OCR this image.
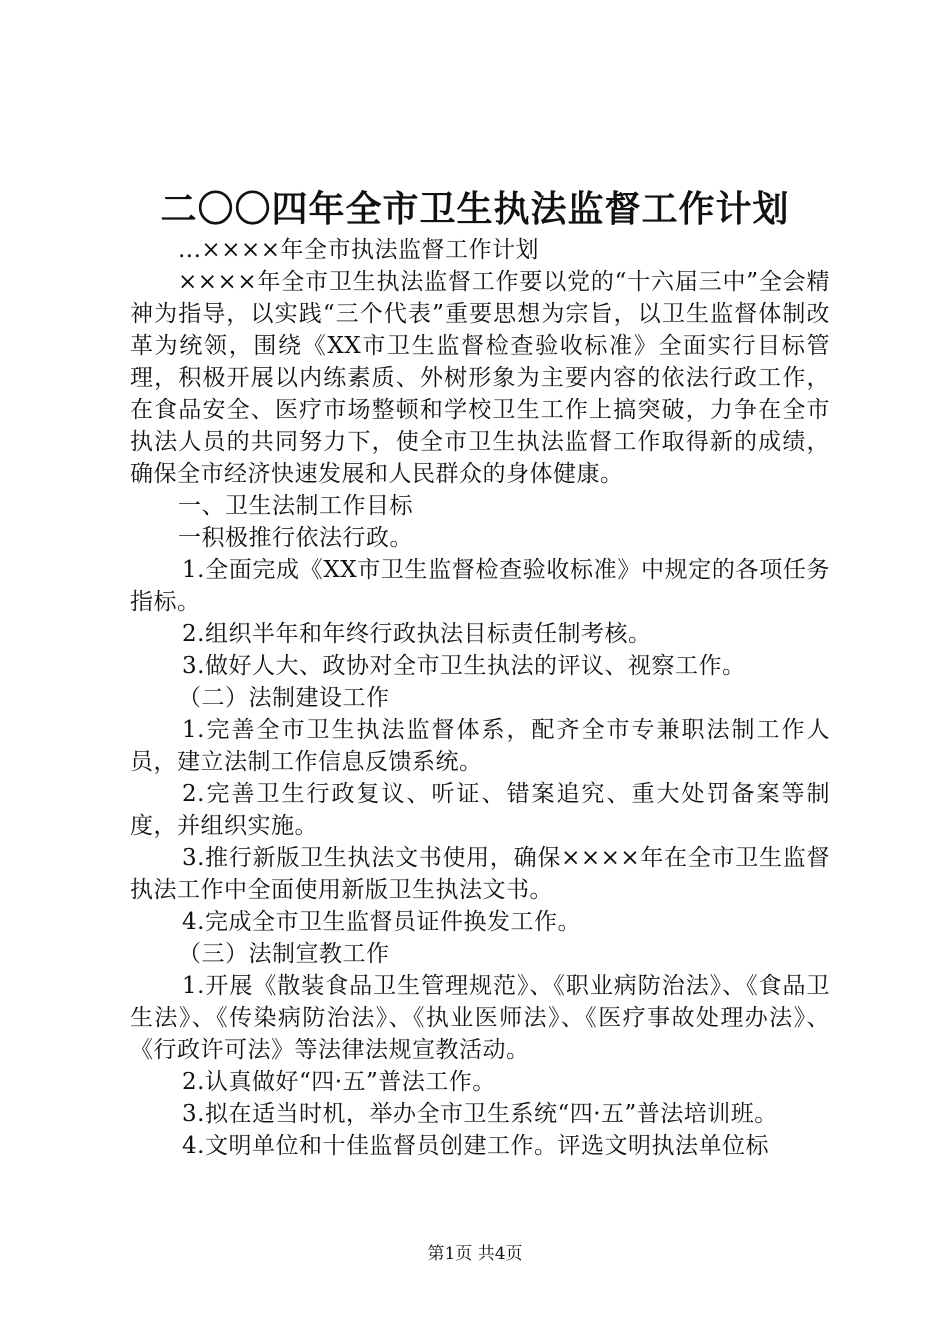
二〇〇四年全市卫生执法监督工作计划

...××××年全市执法监督工作计划

××××年全市卫生执法监督工作要以党的“十六届三中”全会精神为指导，以实践“三个代表”重要思想为宗旨，以卫生监督体制改革为统领，围绕《XX市卫生监督检查验收标准》全面实行目标管理，积极开展以内练素质、外树形象为主要内容的依法行政工作，在食品安全、医疗市场整顿和学校卫生工作上搞突破，力争在全市执法人员的共同努力下，使全市卫生执法监督工作取得新的成绩，确保全市经济快速发展和人民群众的身体健康。

一、卫生法制工作目标

一积极推行依法行政。

1.全面完成《XX市卫生监督检查验收标准》中规定的各项任务指标。

2.组织半年和年终行政执法目标责任制考核。

3.做好人大、政协对全市卫生执法的评议、视察工作。

（二）法制建设工作

1.完善全市卫生执法监督体系，配齐全市专兼职法制工作人员，建立法制工作信息反馈系统。

2.完善卫生行政复议、听证、错案追究、重大处罚备案等制度，并组织实施。

3.推行新版卫生执法文书使用，确保××××年在全市卫生监督执法工作中全面使用新版卫生执法文书。

4.完成全市卫生监督员证件换发工作。

（三）法制宣教工作

1.开展《散装食品卫生管理规范》、《职业病防治法》、《食品卫生法》、《传染病防治法》、《执业医师法》、《医疗事故处理办法》、《行政许可法》等法律法规宣教活动。

2.认真做好“四·五”普法工作。

3.拟在适当时机，举办全市卫生系统“四·五”普法培训班。

4.文明单位和十佳监督员创建工作。评选文明执法单位标

第1页 共4页
